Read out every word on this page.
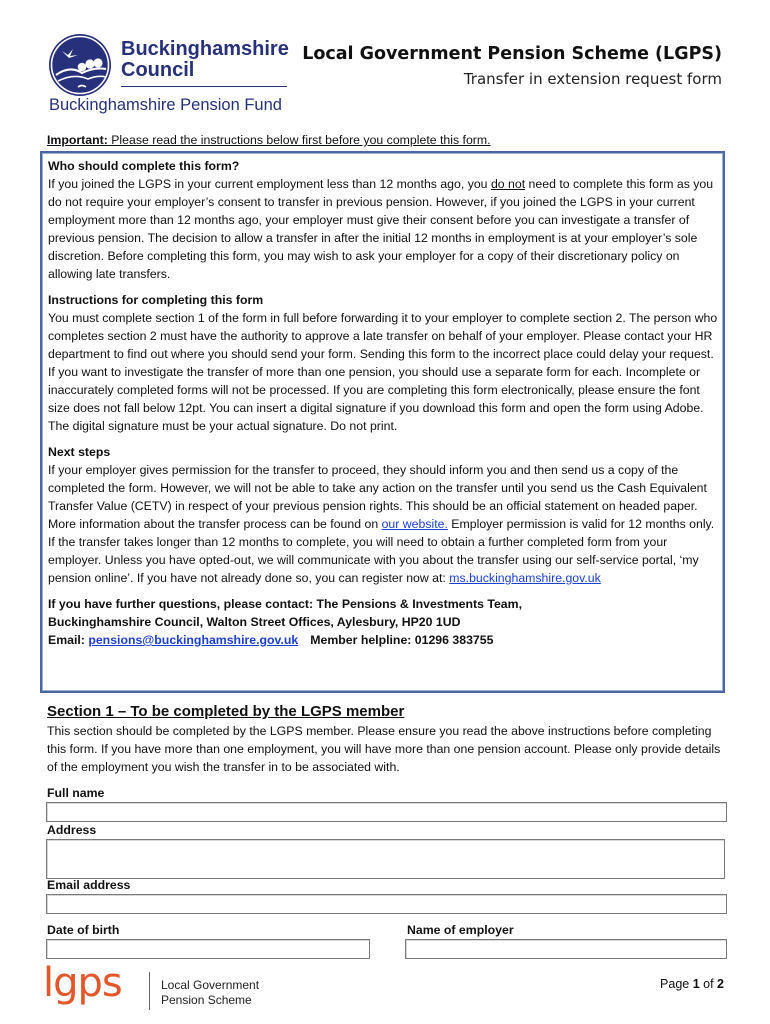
Buckinghamshire
Council
Buckinghamshire Pension Fund
Local Government Pension Scheme (LGPS)
Transfer in extension request form
Important: Please read the instructions below first before you complete this form.
Who should complete this form?

If you joined the LGPS in your current employment less than 12 months ago, you do not need to complete this form as you do not require your employer’s consent to transfer in previous pension. However, if you joined the LGPS in your current employment more than 12 months ago, your employer must give their consent before you can investigate a transfer of previous pension. The decision to allow a transfer in after the initial 12 months in employment is at your employer’s sole discretion. Before completing this form, you may wish to ask your employer for a copy of their discretionary policy on allowing late transfers.

Instructions for completing this form

You must complete section 1 of the form in full before forwarding it to your employer to complete section 2. The person who completes section 2 must have the authority to approve a late transfer on behalf of your employer. Please contact your HR department to find out where you should send your form. Sending this form to the incorrect place could delay your request. If you want to investigate the transfer of more than one pension, you should use a separate form for each. Incomplete or inaccurately completed forms will not be processed. If you are completing this form electronically, please ensure the font size does not fall below 12pt. You can insert a digital signature if you download this form and open the form using Adobe. The digital signature must be your actual signature. Do not print.

Next steps

If your employer gives permission for the transfer to proceed, they should inform you and then send us a copy of the completed the form. However, we will not be able to take any action on the transfer until you send us the Cash Equivalent Transfer Value (CETV) in respect of your previous pension rights. This should be an official statement on headed paper. More information about the transfer process can be found on our website. Employer permission is valid for 12 months only. If the transfer takes longer than 12 months to complete, you will need to obtain a further completed form from your employer. Unless you have opted-out, we will communicate with you about the transfer using our self-service portal, ‘my pension online’. If you have not already done so, you can register now at: ms.buckinghamshire.gov.uk

If you have further questions, please contact: The Pensions & Investments Team,
Buckinghamshire Council, Walton Street Offices, Aylesbury, HP20 1UD
Email: pensions@buckinghamshire.gov.uk Member helpline: 01296 383755
Section 1 – To be completed by the LGPS member
This section should be completed by the LGPS member. Please ensure you read the above instructions before completing this form. If you have more than one employment, you will have more than one pension account. Please only provide details of the employment you wish the transfer in to be associated with.
Full name
Address
Email address
Date of birth	Name of employer
lgps	Local Government
Pension Scheme
Page 1 of 2
